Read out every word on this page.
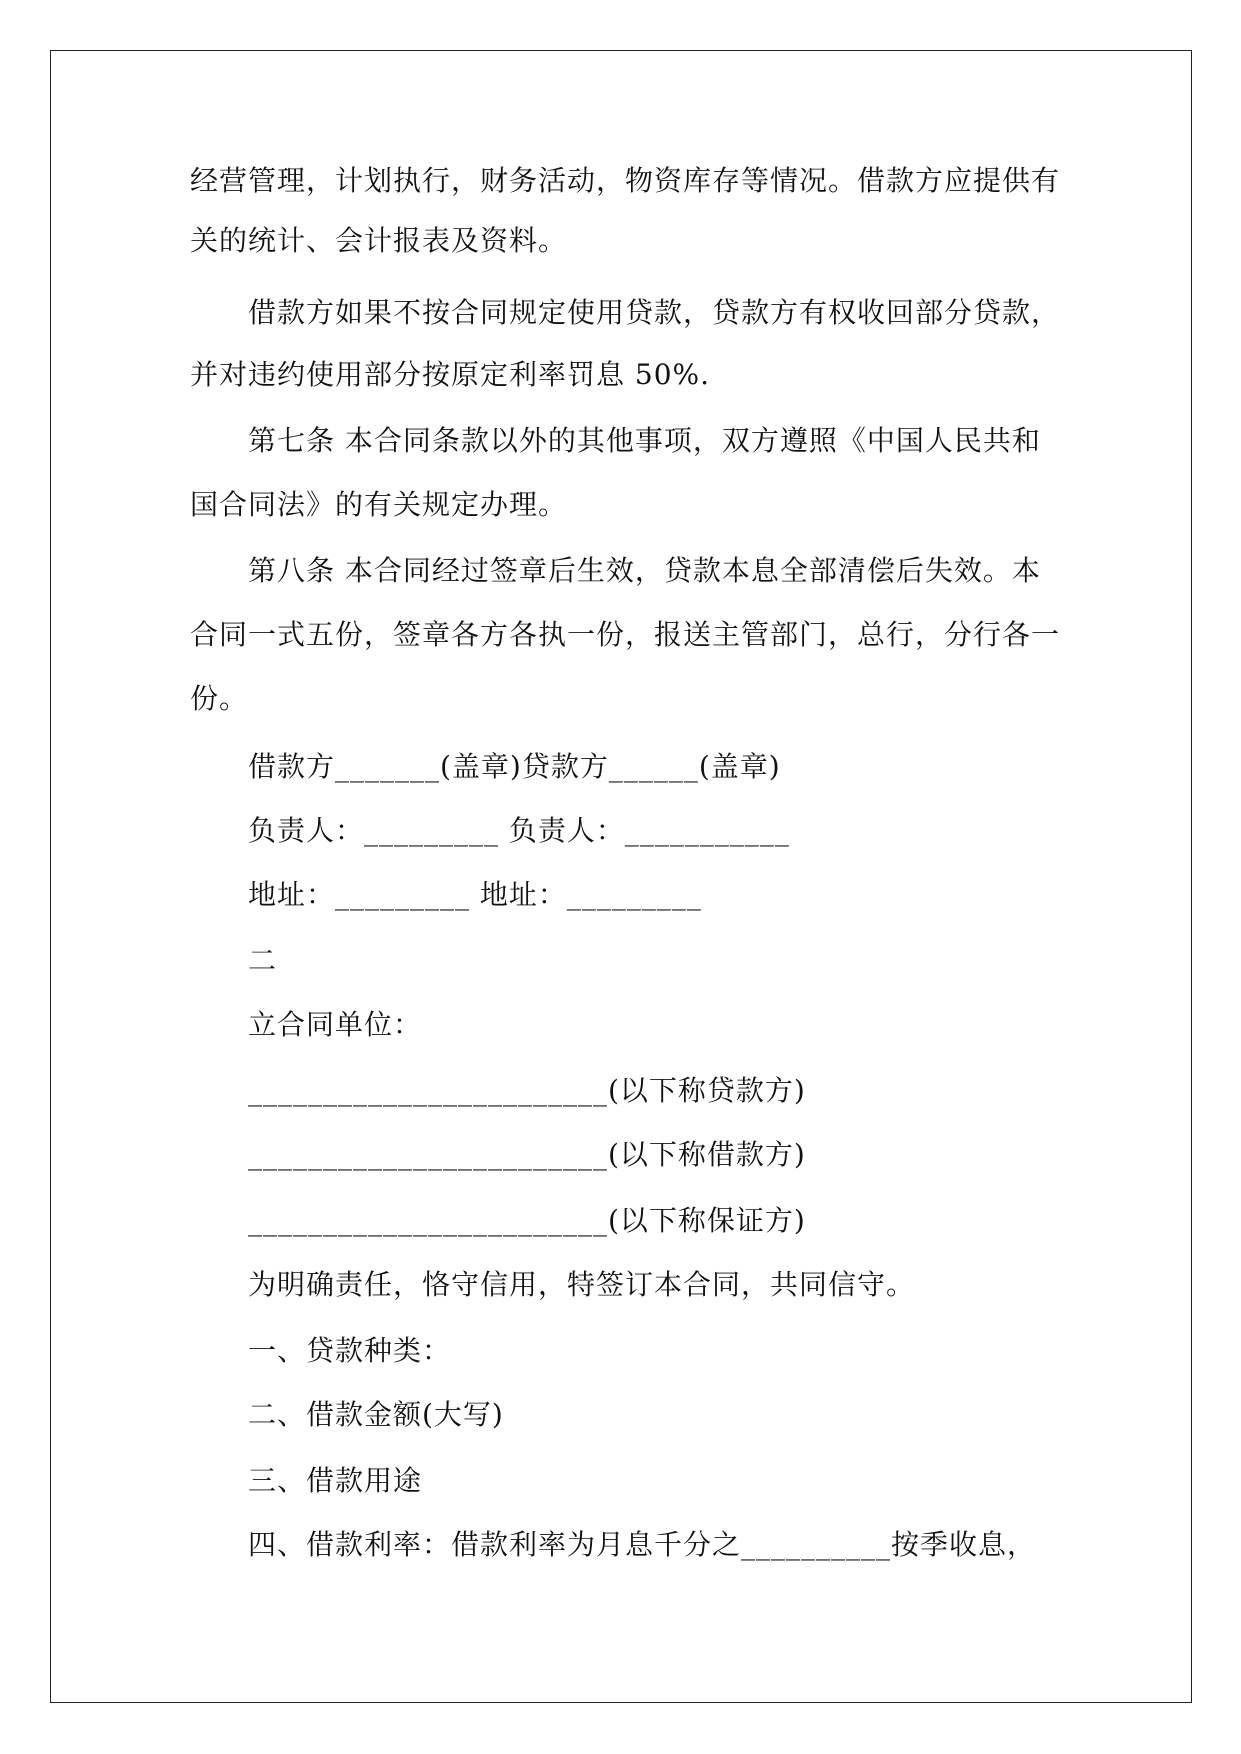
经营管理，计划执行，财务活动，物资库存等情况。借款方应提供有
关的统计、会计报表及资料。
借款方如果不按合同规定使用贷款，贷款方有权收回部分贷款，
并对违约使用部分按原定利率罚息 50%.
第七条 本合同条款以外的其他事项，双方遵照《中国人民共和
国合同法》的有关规定办理。
第八条 本合同经过签章后生效，贷款本息全部清偿后失效。本
合同一式五份，签章各方各执一份，报送主管部门，总行，分行各一
份。
借款方_______(盖章)贷款方______(盖章)
负责人：_________ 负责人：___________
地址：_________ 地址：_________
二
立合同单位：
________________________(以下称贷款方)
________________________(以下称借款方)
________________________(以下称保证方)
为明确责任，恪守信用，特签订本合同，共同信守。
一、贷款种类：
二、借款金额(大写)
三、借款用途
四、借款利率：借款利率为月息千分之__________按季收息，
